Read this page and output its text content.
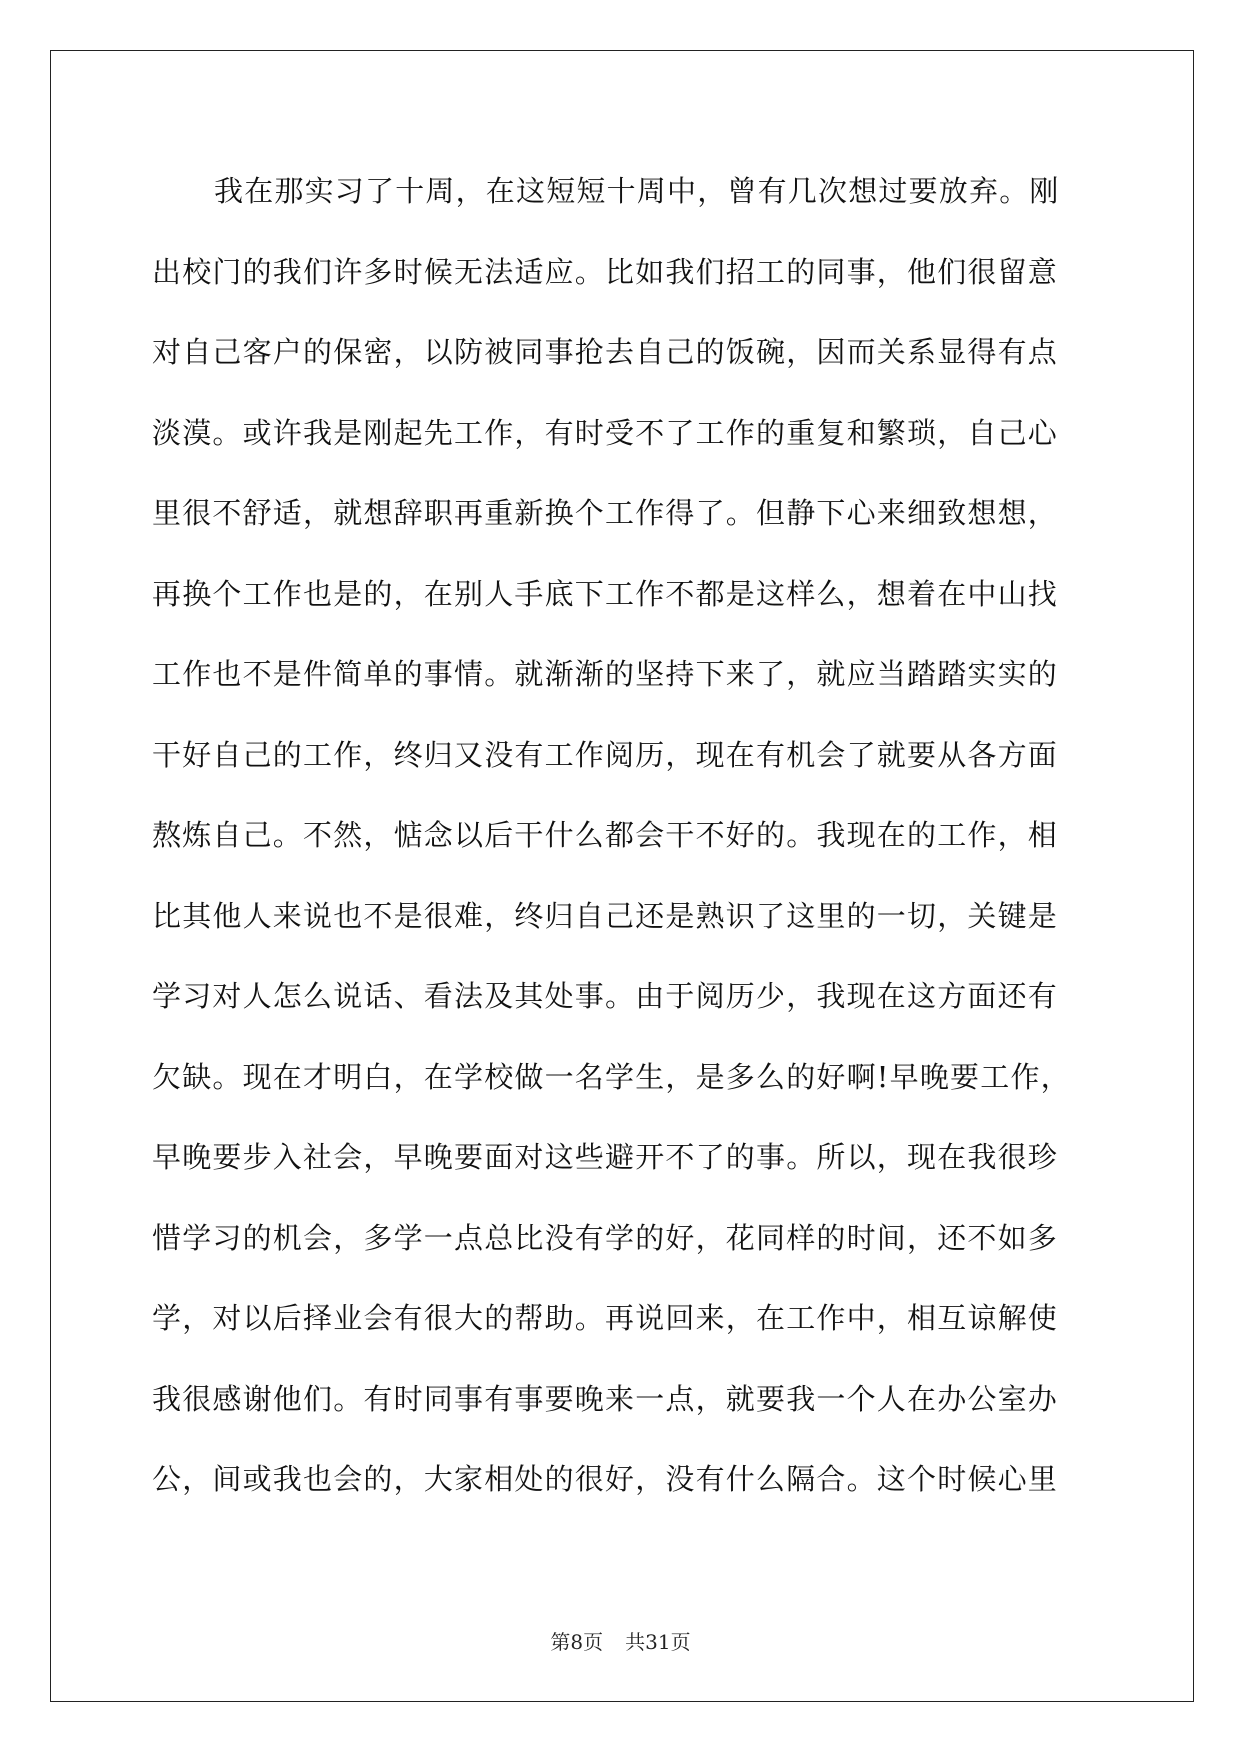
我在那实习了十周，在这短短十周中，曾有几次想过要放弃。刚
出校门的我们许多时候无法适应。比如我们招工的同事，他们很留意
对自己客户的保密，以防被同事抢去自己的饭碗，因而关系显得有点
淡漠。或许我是刚起先工作，有时受不了工作的重复和繁琐，自己心
里很不舒适，就想辞职再重新换个工作得了。但静下心来细致想想，
再换个工作也是的，在别人手底下工作不都是这样么，想着在中山找
工作也不是件简单的事情。就渐渐的坚持下来了，就应当踏踏实实的
干好自己的工作，终归又没有工作阅历，现在有机会了就要从各方面
熬炼自己。不然，惦念以后干什么都会干不好的。我现在的工作，相
比其他人来说也不是很难，终归自己还是熟识了这里的一切，关键是
学习对人怎么说话、看法及其处事。由于阅历少，我现在这方面还有
欠缺。现在才明白，在学校做一名学生，是多么的好啊!早晚要工作，
早晚要步入社会，早晚要面对这些避开不了的事。所以，现在我很珍
惜学习的机会，多学一点总比没有学的好，花同样的时间，还不如多
学，对以后择业会有很大的帮助。再说回来，在工作中，相互谅解使
我很感谢他们。有时同事有事要晚来一点，就要我一个人在办公室办
公，间或我也会的，大家相处的很好，没有什么隔合。这个时候心里
第8页 共31页
